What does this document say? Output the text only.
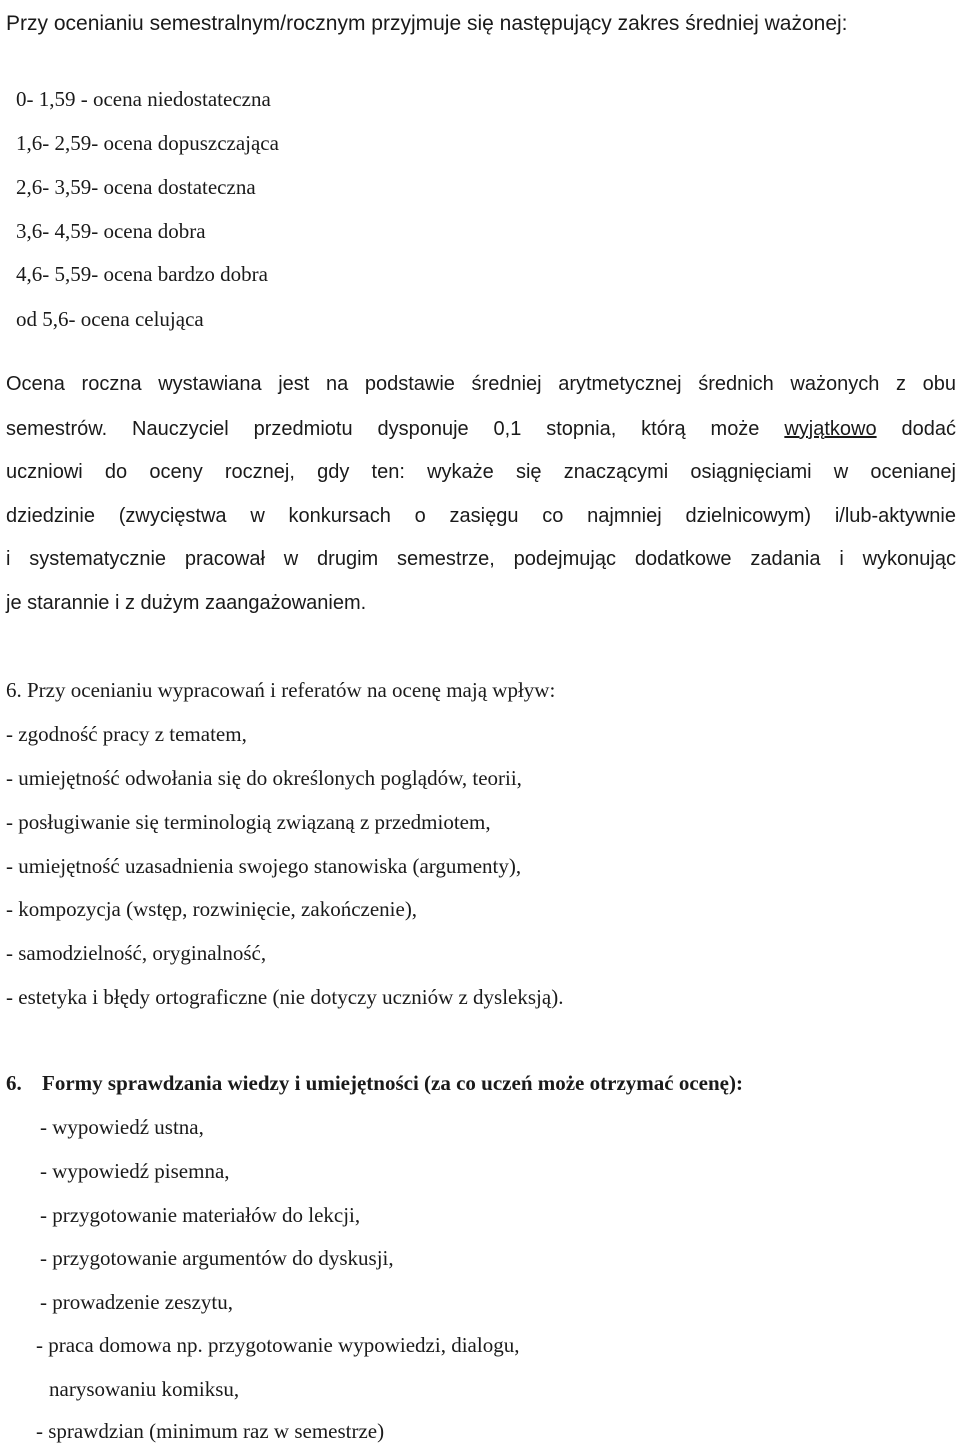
Przy ocenianiu semestralnym/rocznym przyjmuje się następujący zakres średniej ważonej:

0- 1,59 - ocena niedostateczna

1,6- 2,59- ocena dopuszczająca

2,6- 3,59- ocena dostateczna

3,6- 4,59- ocena dobra

4,6- 5,59- ocena bardzo dobra

od 5,6- ocena celująca

Ocena roczna wystawiana jest na podstawie średniej arytmetycznej średnich ważonych z obu
semestrów. Nauczyciel przedmiotu dysponuje 0,1 stopnia, którą może wyjątkowo dodać
uczniowi do oceny rocznej, gdy ten: wykaże się znaczącymi osiągnięciami w ocenianej
dziedzinie (zwycięstwa w konkursach o zasięgu co najmniej dzielnicowym) i/lub-aktywnie
i systematycznie pracował w drugim semestrze, podejmując dodatkowe zadania i wykonując
je starannie i z dużym zaangażowaniem.

6. Przy ocenianiu wypracowań i referatów na ocenę mają wpływ:

- zgodność pracy z tematem,

- umiejętność odwołania się do określonych poglądów, teorii,

- posługiwanie się terminologią związaną z przedmiotem,

- umiejętność uzasadnienia swojego stanowiska (argumenty),

- kompozycja (wstęp, rozwinięcie, zakończenie),

- samodzielność, oryginalność,

- estetyka i błędy ortograficzne (nie dotyczy uczniów z dysleksją).

6. Formy sprawdzania wiedzy i umiejętności (za co uczeń może otrzymać ocenę):

- wypowiedź ustna,

- wypowiedź pisemna,

- przygotowanie materiałów do lekcji,

- przygotowanie argumentów do dyskusji,

- prowadzenie zeszytu,

- praca domowa np. przygotowanie wypowiedzi, dialogu,

narysowaniu komiksu,

- sprawdzian (minimum raz w semestrze)
